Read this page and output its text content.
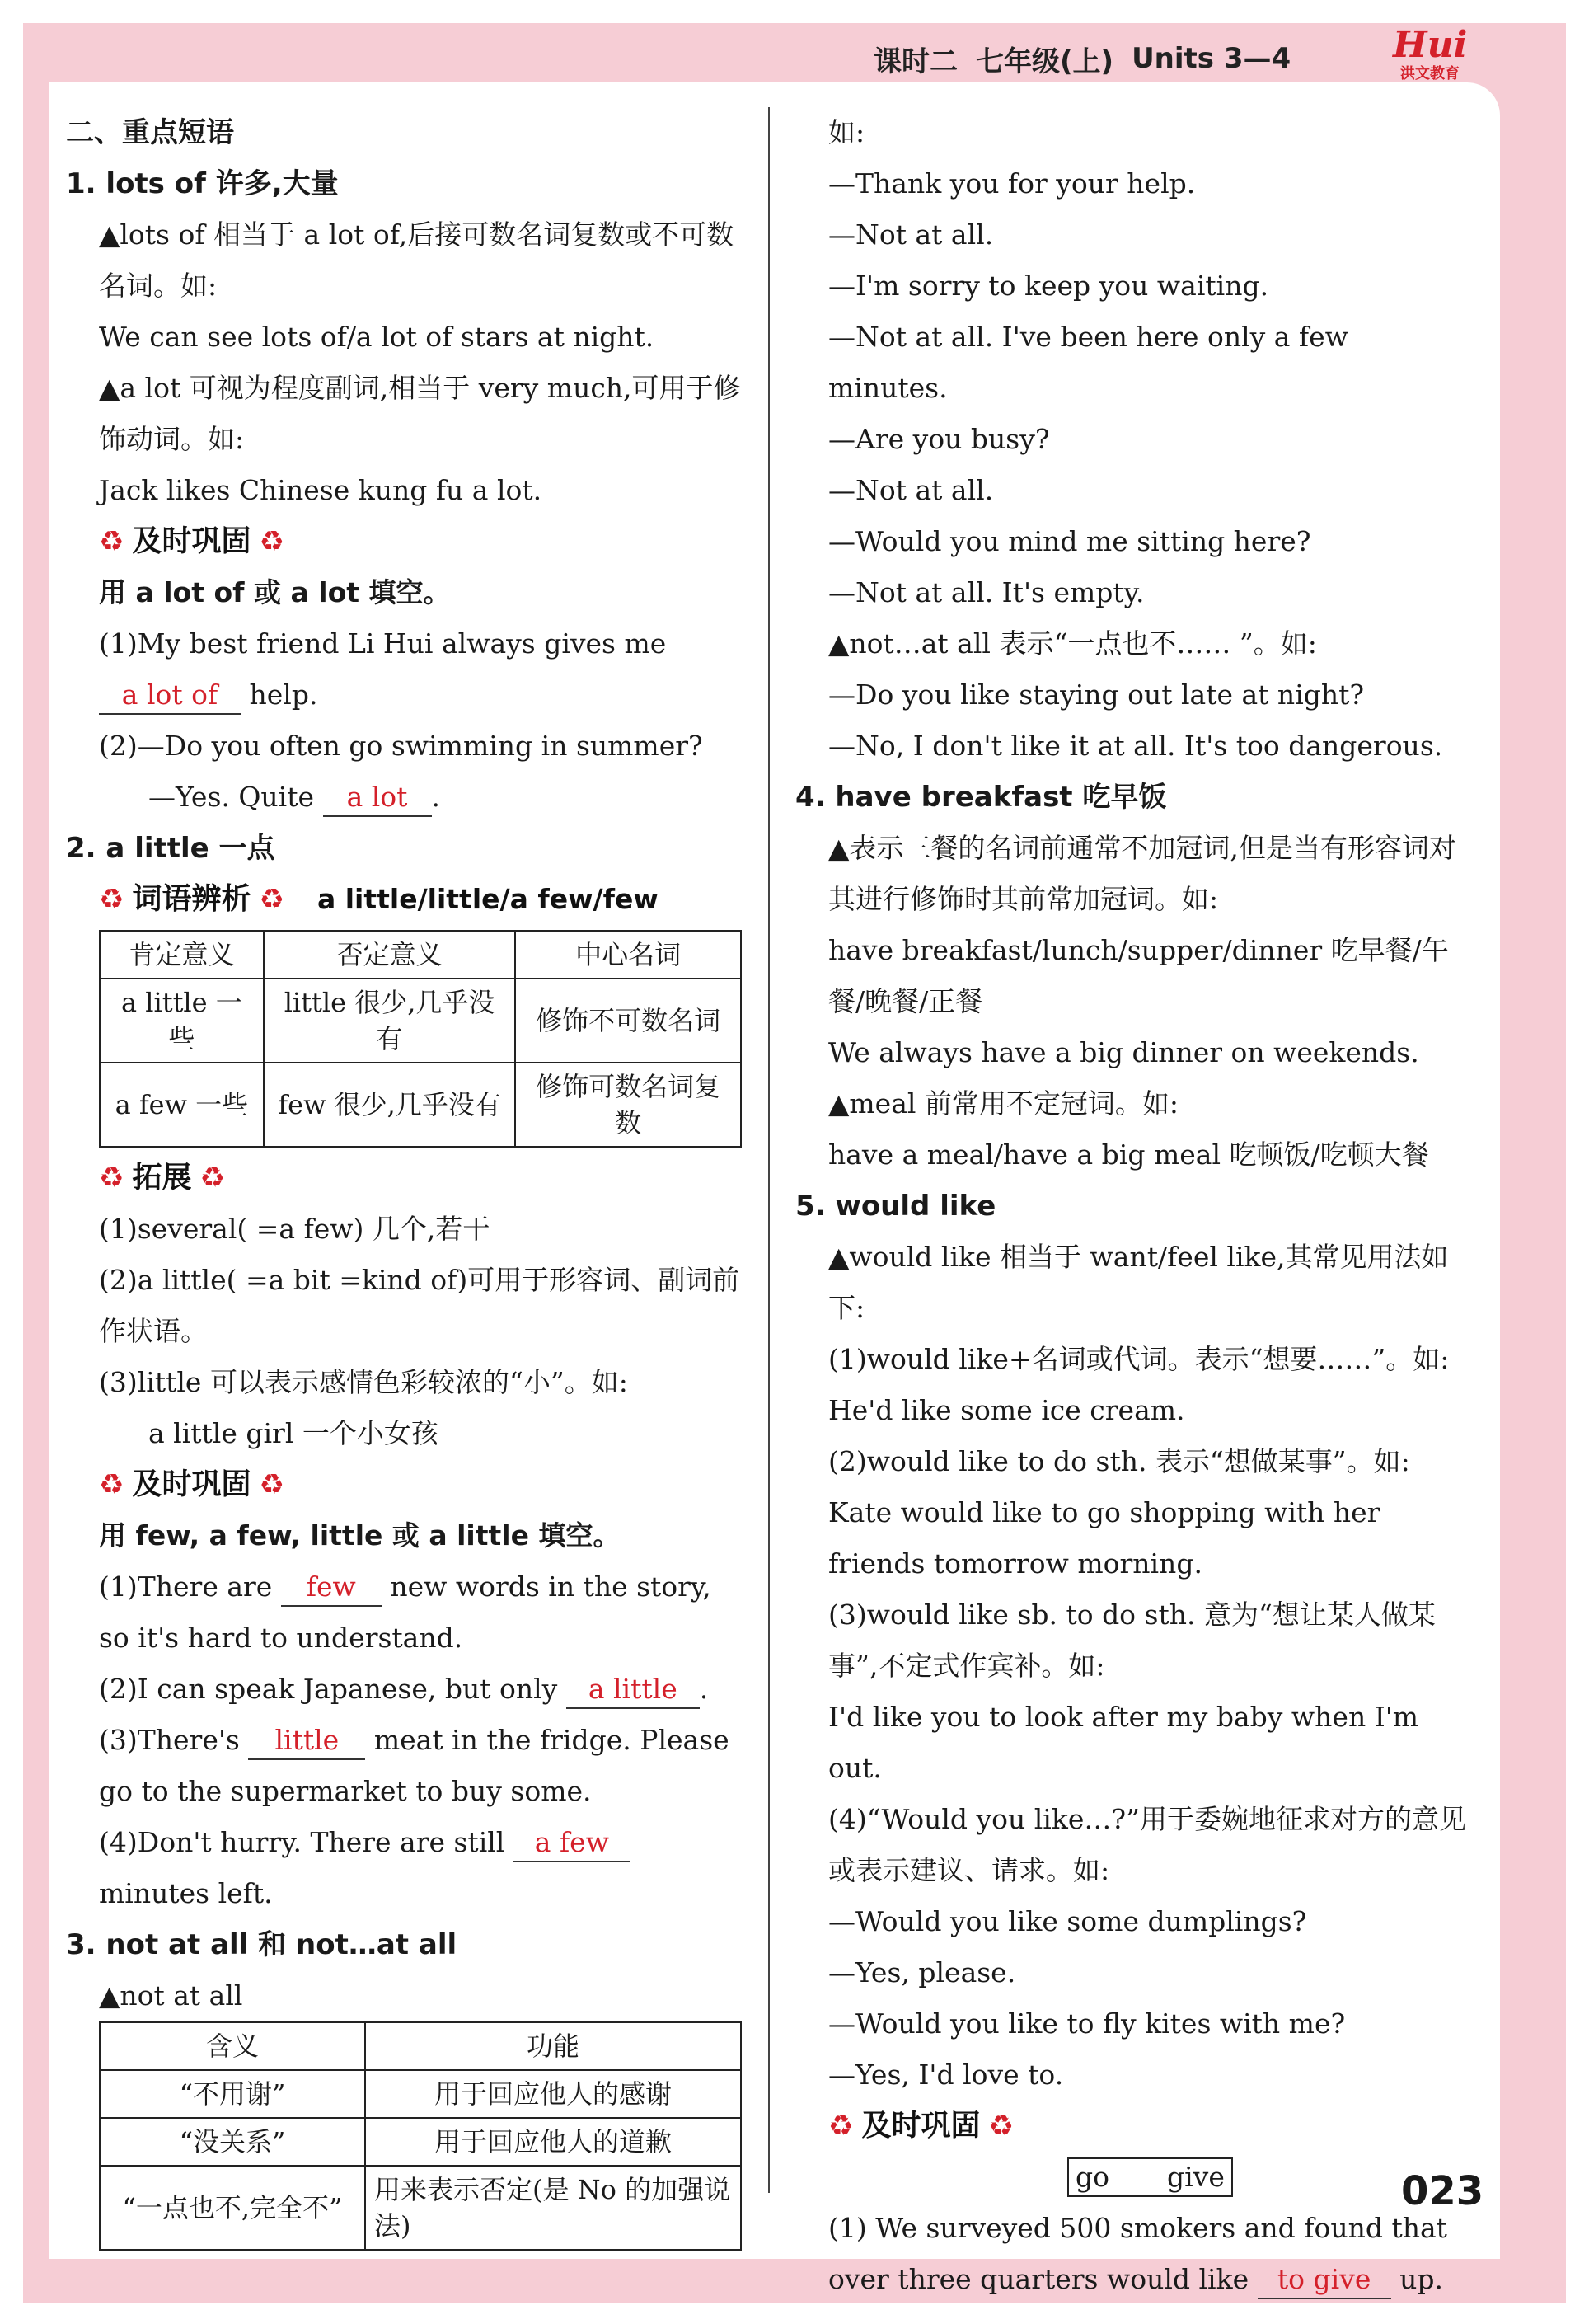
课时二 七年级(上) Units 3—4	Hui
洪文教育
二、重点短语
1. lots of 许多,大量

▲lots of 相当于 a lot of,后接可数名词复数或不可数名词。如:

We can see lots of/a lot of stars at night.

▲a lot 可视为程度副词,相当于 very much,可用于修饰动词。如:

Jack likes Chinese kung fu a lot.

♻ 及时巩固 ♻

用 a lot of 或 a lot 填空。

(1)My best friend Li Hui always gives me a lot of help.

(2)—Do you often go swimming in summer?

—Yes. Quite a lot .

2. a little 一点
♻ 词语辨析 ♻ a little/little/a few/few
肯定意义	否定意义	中心名词
a little 一些	little 很少,几乎没有	修饰不可数名词
a few 一些	few 很少,几乎没有	修饰可数名词复数
♻ 拓展 ♻

(1)several( =a few) 几个,若干

(2)a little( =a bit =kind of)可用于形容词、副词前作状语。

(3)little 可以表示感情色彩较浓的“小”。如:

a little girl 一个小女孩

♻ 及时巩固 ♻

用 few, a few, little 或 a little 填空。

(1)There are few new words in the story, so it's hard to understand.

(2)I can speak Japanese, but only a little .

(3)There's little meat in the fridge. Please go to the supermarket to buy some.

(4)Don't hurry. There are still a few minutes left.

3. not at all 和 not…at all

▲not at all

含义	功能
“不用谢”	用于回应他人的感谢
“没关系”	用于回应他人的道歉
“一点也不,完全不”	用来表示否定(是 No 的加强说法)

如:

—Thank you for your help.

—Not at all.

—I'm sorry to keep you waiting.

—Not at all. I've been here only a few minutes.

—Are you busy?

—Not at all.

—Would you mind me sitting here?

—Not at all. It's empty.

▲not…at all 表示“一点也不…… ”。如:

—Do you like staying out late at night?

—No, I don't like it at all. It's too dangerous.

4. have breakfast 吃早饭

▲表示三餐的名词前通常不加冠词,但是当有形容词对其进行修饰时其前常加冠词。如:

have breakfast/lunch/supper/dinner 吃早餐/午餐/晚餐/正餐

We always have a big dinner on weekends.

▲meal 前常用不定冠词。如:

have a meal/have a big meal 吃顿饭/吃顿大餐

5. would like

▲would like 相当于 want/feel like,其常见用法如下:

(1)would like+名词或代词。表示“想要……”。如:

He'd like some ice cream.

(2)would like to do sth. 表示“想做某事”。如:

Kate would like to go shopping with her friends tomorrow morning.

(3)would like sb. to do sth. 意为“想让某人做某事”,不定式作宾补。如:

I'd like you to look after my baby when I'm out.

(4)“Would you like…?”用于委婉地征求对方的意见或表示建议、请求。如:

—Would you like some dumplings?

—Yes, please.

—Would you like to fly kites with me?

—Yes, I'd love to.

♻ 及时巩固 ♻
go give

(1) We surveyed 500 smokers and found that over three quarters would like to give up.

023
